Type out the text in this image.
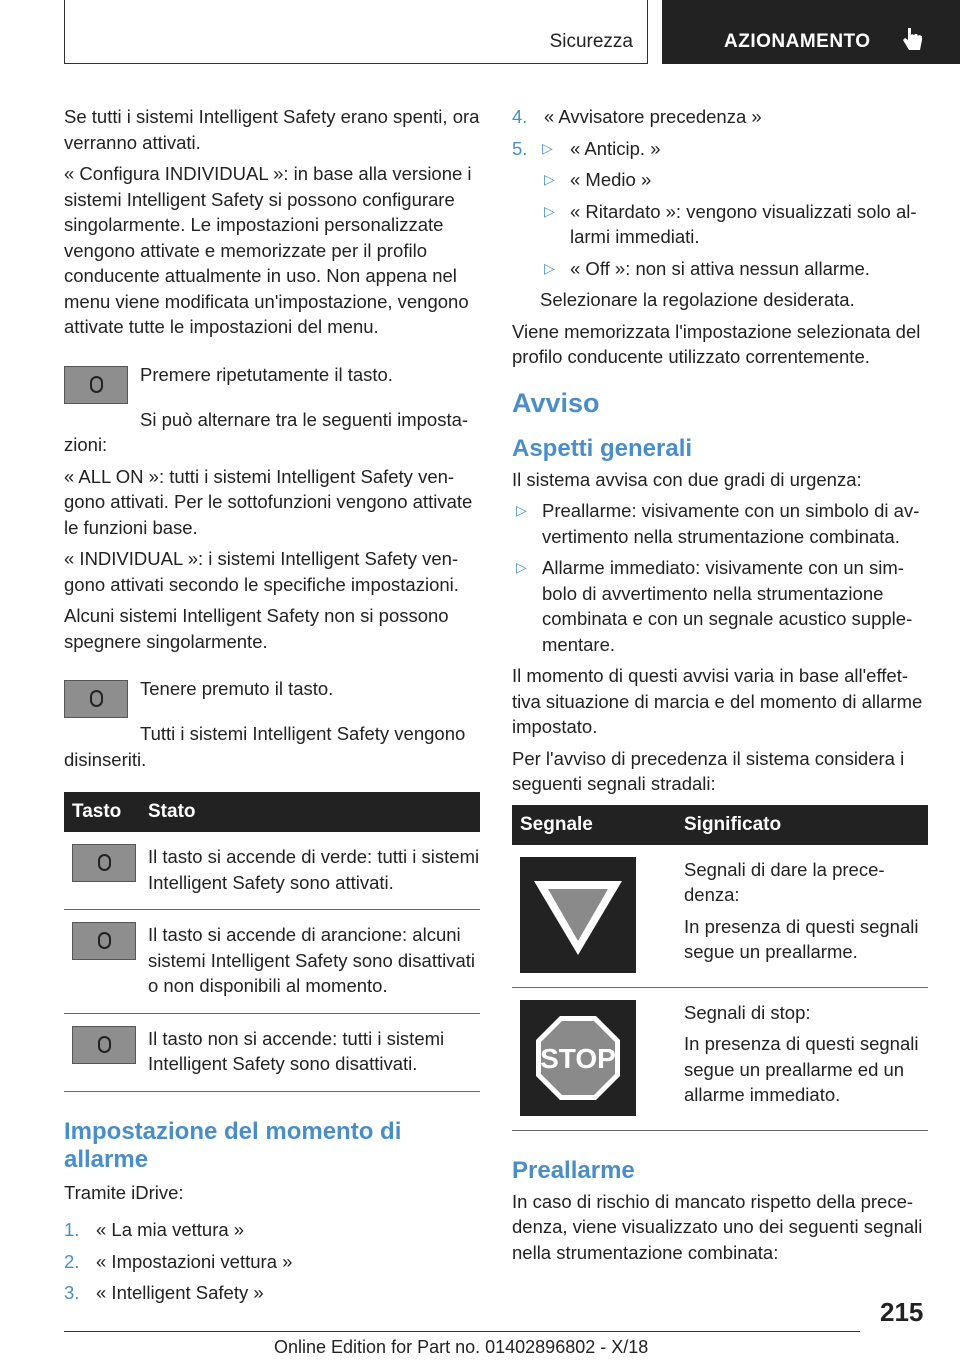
Sicurezza	AZIONAMENTO

Se tutti i sistemi Intelligent Safety erano spenti, ora verranno attivati.

« Configura INDIVIDUAL »: in base alla versione i sistemi Intelligent Safety si possono configurare singolarmente. Le impostazioni personalizzate vengono attivate e memorizzate per il profilo conducente attualmente in uso. Non appena nel menu viene modificata un'impostazione, vengono attivate tutte le impostazioni del menu.

Premere ripetutamente il tasto.

Si può alternare tra le seguenti impostazioni:

« ALL ON »: tutti i sistemi Intelligent Safety vengono attivati. Per le sottofunzioni vengono attivate le funzioni base.

« INDIVIDUAL »: i sistemi Intelligent Safety vengono attivati secondo le specifiche impostazioni.

Alcuni sistemi Intelligent Safety non si possono spegnere singolarmente.

Tenere premuto il tasto.

Tutti i sistemi Intelligent Safety vengono disinseriti.

Tasto	Stato

	Il tasto si accende di verde: tutti i sistemi Intelligent Safety sono attivati.

	Il tasto si accende di arancione: alcuni sistemi Intelligent Safety sono disattivati o non disponibili al momento.

	Il tasto non si accende: tutti i sistemi Intelligent Safety sono disattivati.
Impostazione del momento di allarme

Tramite iDrive:

1. « La mia vettura »
2. « Impostazioni vettura »
3. « Intelligent Safety »
4. « Avvisatore precedenza »
5. ▷ « Anticip. »
▷ « Medio »
▷ « Ritardato »: vengono visualizzati solo allarmi immediati.
▷ « Off »: non si attiva nessun allarme.

Selezionare la regolazione desiderata.

Viene memorizzata l'impostazione selezionata del profilo conducente utilizzato correntemente.

Avviso
Aspetti generali

Il sistema avvisa con due gradi di urgenza:

▷ Preallarme: visivamente con un simbolo di avvertimento nella strumentazione combinata.
▷ Allarme immediato: visivamente con un simbolo di avvertimento nella strumentazione combinata e con un segnale acustico supplementare.

Il momento di questi avvisi varia in base all'effettiva situazione di marcia e del momento di allarme impostato.

Per l'avviso di precedenza il sistema considera i seguenti segnali stradali:

Segnale	Significato

Segnali di dare la precedenza:

In presenza di questi segnali segue un preallarme.

STOP	Segnali di stop:

In presenza di questi segnali segue un preallarme ed un allarme immediato.

Preallarme

In caso di rischio di mancato rispetto della precedenza, viene visualizzato uno dei seguenti segnali nella strumentazione combinata:

215
Online Edition for Part no. 01402896802 - X/18
